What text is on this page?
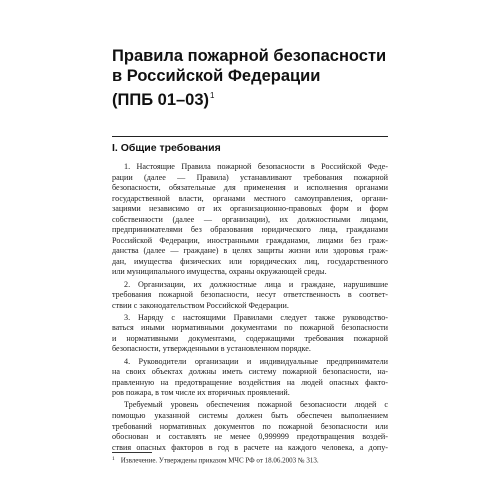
Правила пожарной безопасности
в Российской Федерации
(ППБ 01–03)$^1$
I. Общие требования
1. Настоящие Правила пожарной безопасности в Российской Феде-
рации (далее — Правила) устанавливают требования пожарной
безопасности, обязательные для применения и исполнения органами
государственной власти, органами местного самоуправления, органи-
зациями независимо от их организационно-правовых форм и форм
собственности (далее — организации), их должностными лицами,
предпринимателями без образования юридического лица, гражданами
Российской Федерации, иностранными гражданами, лицами без граж-
данства (далее — граждане) в целях защиты жизни или здоровья граж-
дан, имущества физических или юридических лиц, государственного
или муниципального имущества, охраны окружающей среды.
2. Организации, их должностные лица и граждане, нарушившие
требования пожарной безопасности, несут ответственность в соответ-
ствии с законодательством Российской Федерации.
3. Наряду с настоящими Правилами следует также руководство-
ваться иными нормативными документами по пожарной безопасности
и нормативными документами, содержащими требования пожарной
безопасности, утвержденными в установленном порядке.
4. Руководители организации и индивидуальные предприниматели
на своих объектах должны иметь систему пожарной безопасности, на-
правленную на предотвращение воздействия на людей опасных факто-
ров пожара, в том числе их вторичных проявлений.
Требуемый уровень обеспечения пожарной безопасности людей с
помощью указанной системы должен быть обеспечен выполнением
требований нормативных документов по пожарной безопасности или
обоснован и составлять не менее 0,999999 предотвращения воздей-
ствия опасных факторов в год в расчете на каждого человека, а допу-
$^1$ Извлечение. Утверждены приказом МЧС РФ от 18.06.2003 № 313.
